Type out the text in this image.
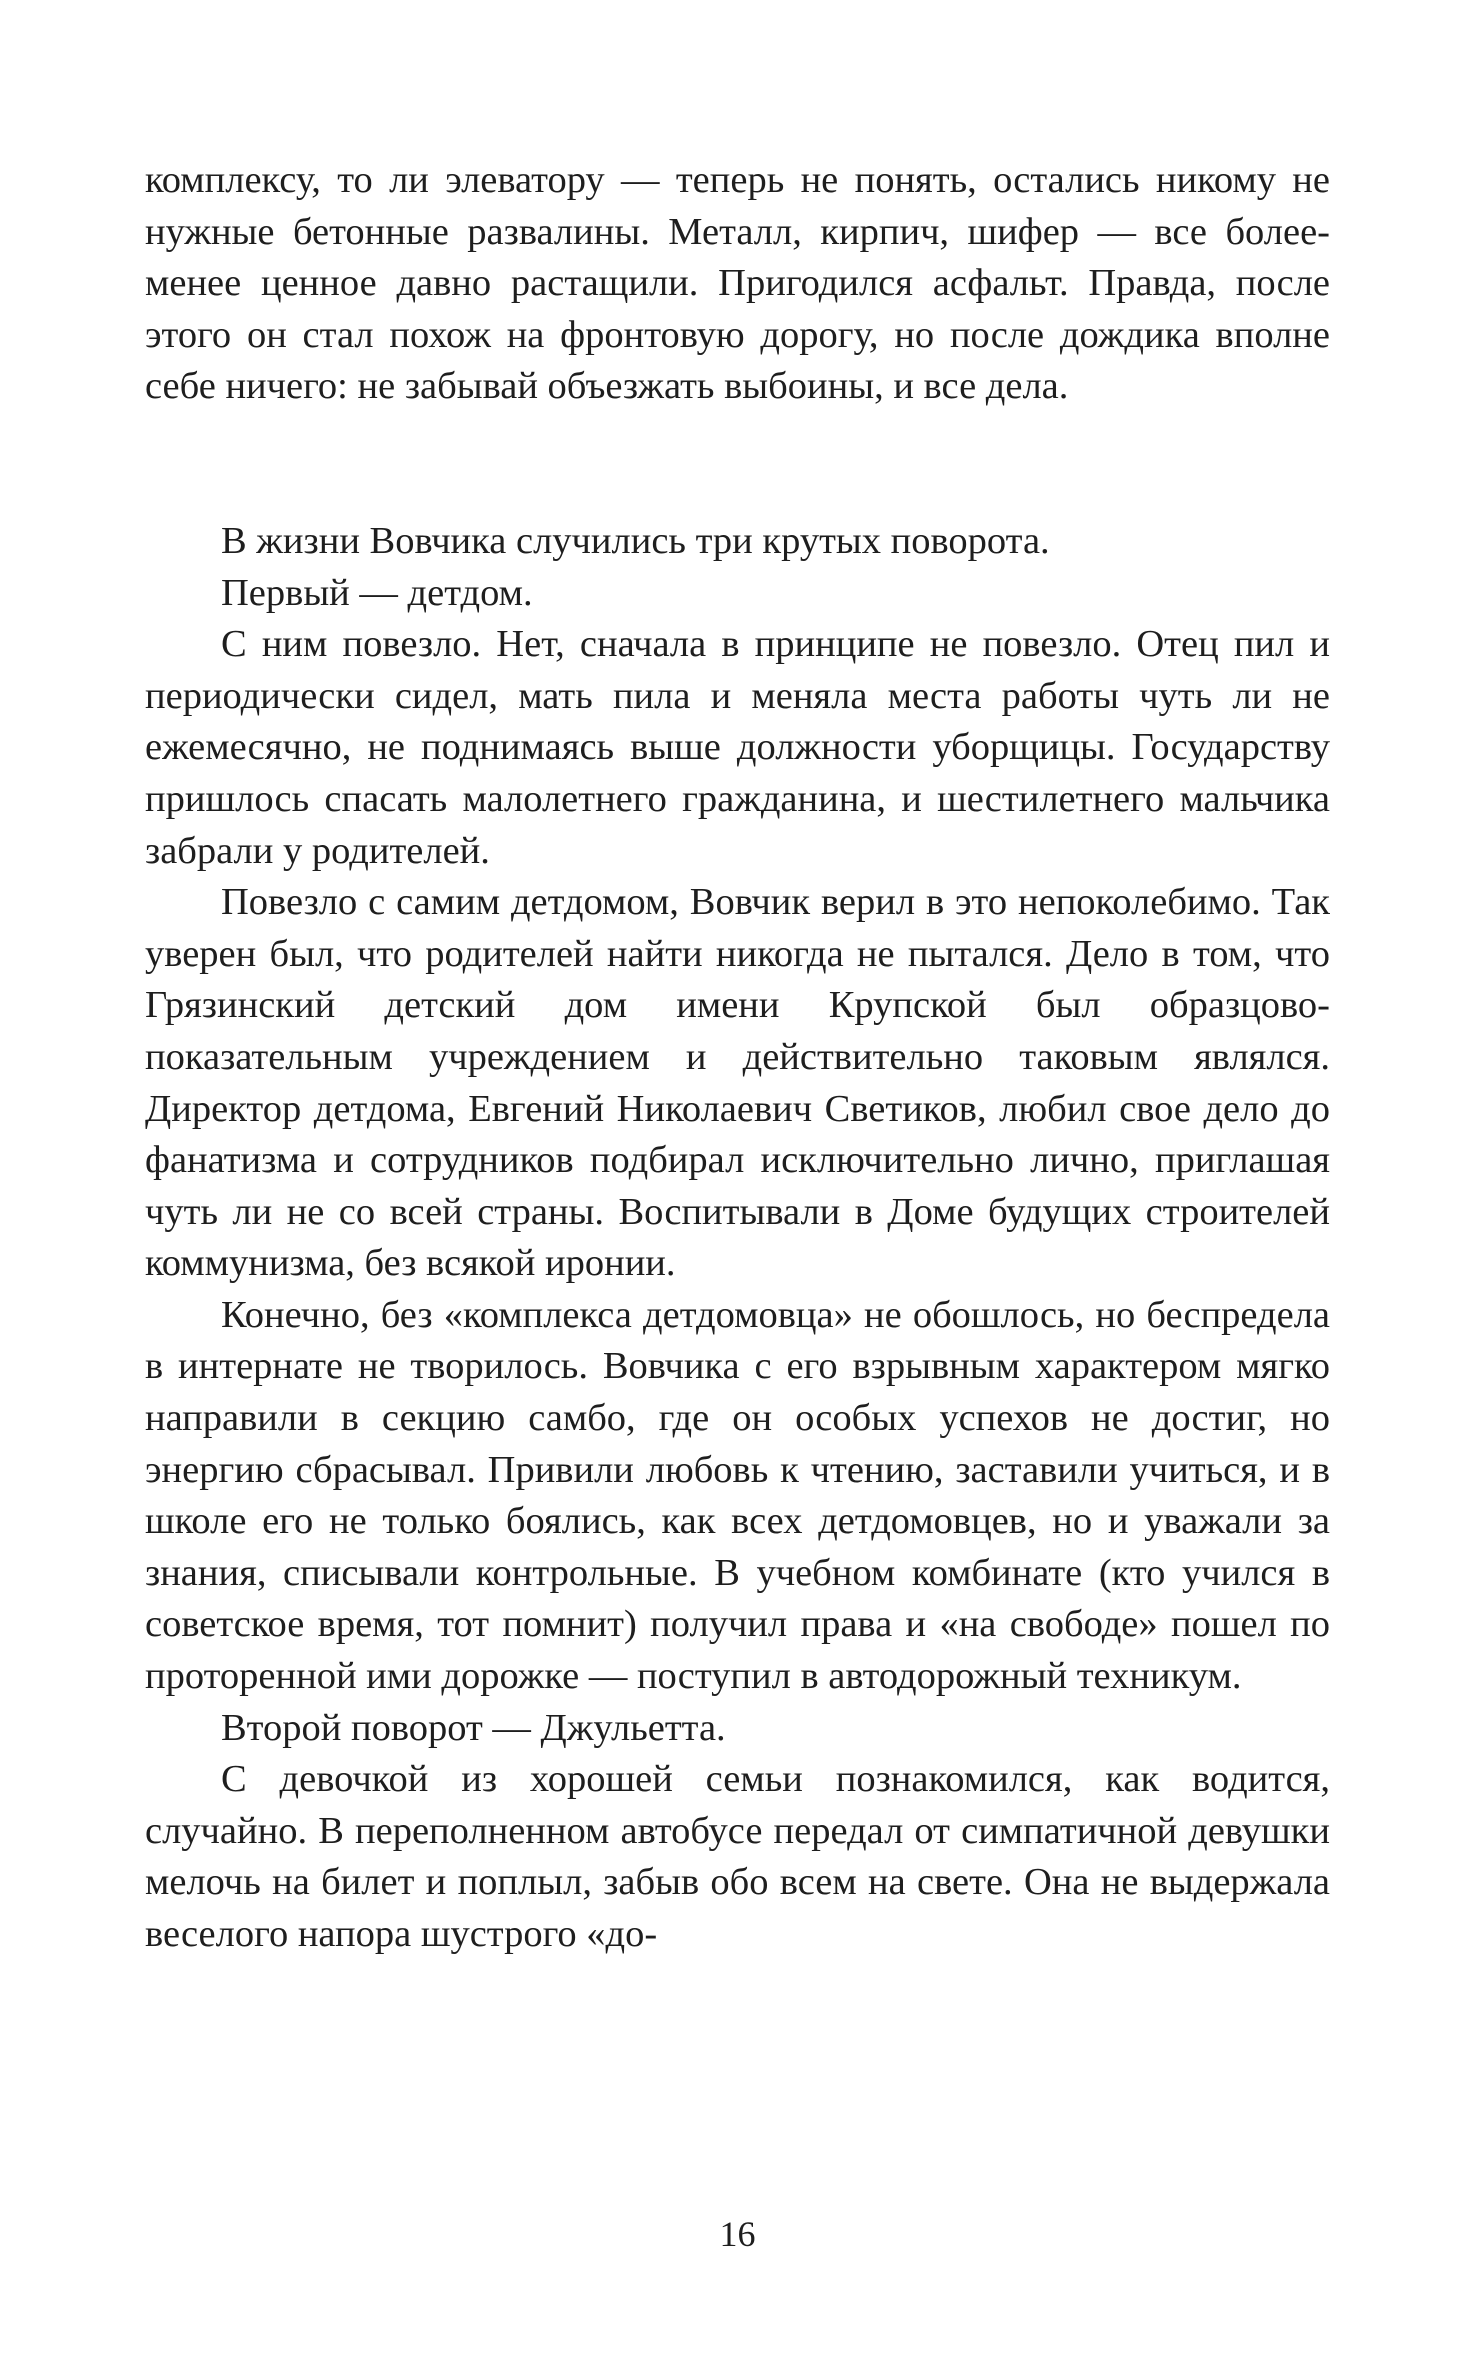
комплексу, то ли элеватору — теперь не понять, остались никому не нужные бетонные развалины. Металл, кирпич, шифер — все более-менее ценное давно растащили. Пригодился асфальт. Правда, после этого он стал похож на фронтовую дорогу, но после дождика вполне себе ничего: не забывай объезжать выбоины, и все дела.

В жизни Вовчика случились три крутых поворота.

Первый — детдом.

С ним повезло. Нет, сначала в принципе не повезло. Отец пил и периодически сидел, мать пила и меняла места работы чуть ли не ежемесячно, не поднимаясь выше должности уборщицы. Государству пришлось спасать малолетнего гражданина, и шестилетнего мальчика забрали у родителей.

Повезло с самим детдомом, Вовчик верил в это непоколебимо. Так уверен был, что родителей найти никогда не пытался. Дело в том, что Грязинский детский дом имени Крупской был образцово-показательным учреждением и действительно таковым являлся. Директор детдома, Евгений Николаевич Светиков, любил свое дело до фанатизма и сотрудников подбирал исключительно лично, приглашая чуть ли не со всей страны. Воспитывали в Доме будущих строителей коммунизма, без всякой иронии.

Конечно, без «комплекса детдомовца» не обошлось, но беспредела в интернате не творилось. Вовчика с его взрывным характером мягко направили в секцию самбо, где он особых успехов не достиг, но энергию сбрасывал. Привили любовь к чтению, заставили учиться, и в школе его не только боялись, как всех детдомовцев, но и уважали за знания, списывали контрольные. В учебном комбинате (кто учился в советское время, тот помнит) получил права и «на свободе» пошел по проторенной ими дорожке — поступил в автодорожный техникум.

Второй поворот — Джульетта.

С девочкой из хорошей семьи познакомился, как водится, случайно. В переполненном автобусе передал от симпатичной девушки мелочь на билет и поплыл, забыв обо всем на свете. Она не выдержала веселого напора шустрого «до-

16
